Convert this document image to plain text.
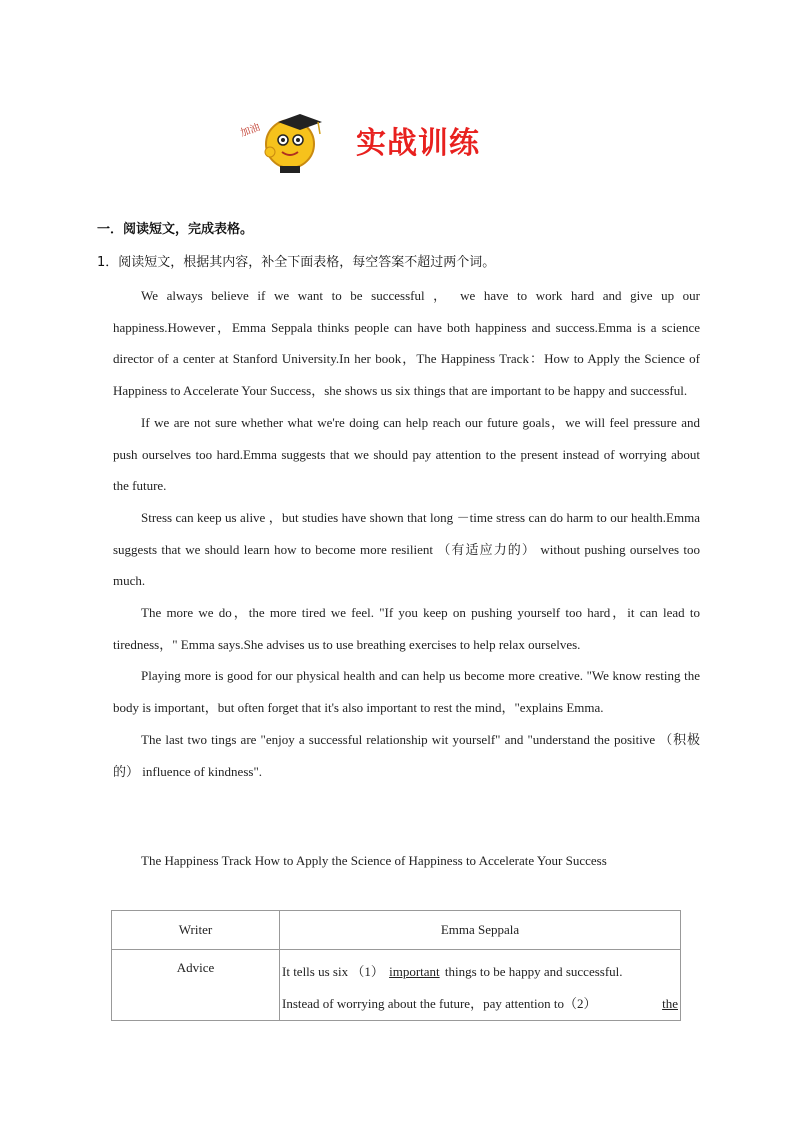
加油	实战训练
一．阅读短文，完成表格。
1．阅读短文，根据其内容，补全下面表格，每空答案不超过两个词。

We always believe if we want to be successful ， we have to work hard and give up our happiness.However，Emma Seppala thinks people can have both happiness and success.Emma is a science director of a center at Stanford University.In her book，The Happiness Track：How to Apply the Science of Happiness to Accelerate Your Success，she shows us six things that are important to be happy and successful.

If we are not sure whether what we're doing can help reach our future goals，we will feel pressure and push ourselves too hard.Emma suggests that we should pay attention to the present instead of worrying about the future.

Stress can keep us alive ，but studies have shown that long －time stress can do harm to our health.Emma suggests that we should learn how to become more resilient （有适应力的） without pushing ourselves too much.

The more we do，the more tired we feel. "If you keep on pushing yourself too hard，it can lead to tiredness，" Emma says.She advises us to use breathing exercises to help relax ourselves.

Playing more is good for our physical health and can help us become more creative. "We know resting the body is important，but often forget that it's also important to rest the mind，"explains Emma.

The last two tings are "enjoy a successful relationship wit yourself" and "understand the positive （积极的） influence of kindness".

The Happiness Track How to Apply the Science of Happiness to Accelerate Your Success
Writer	Emma Seppala
Advice	It tells us six （1） important things to be happy and successful.
Instead of worrying about the future，pay attention to（2） the
